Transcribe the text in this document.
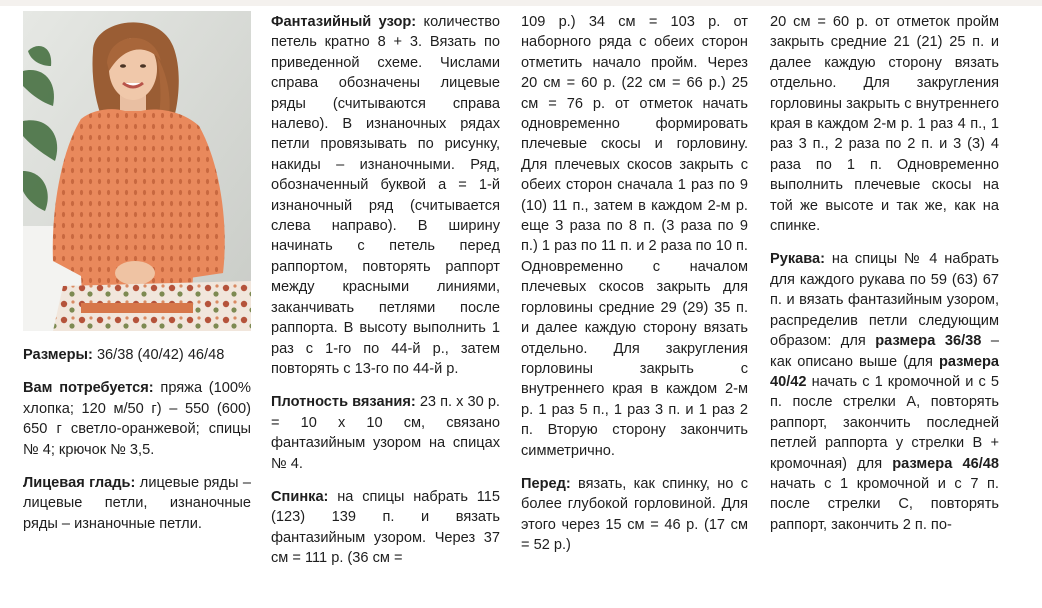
Размеры: 36/38 (40/42) 46/48

Вам потребуется: пряжа (100% хлопка; 120 м/50 г) – 550 (600) 650 г светло-оранжевой; спицы № 4; крючок № 3,5.

Лицевая гладь: лицевые ряды – лицевые петли, изнаночные ряды – изнаночные петли.

Фантазийный узор: количество петель кратно 8 + 3. Вязать по приведенной схеме. Числами справа обозначены лицевые ряды (считываются справа налево). В изнаночных рядах петли провязывать по рисунку, накиды – изнаночными. Ряд, обозначенный буквой а = 1-й изнаночный ряд (считывается слева направо). В ширину начинать с петель перед раппортом, повторять раппорт между красными линиями, заканчивать петлями после раппорта. В высоту выполнить 1 раз с 1-го по 44-й р., затем повторять с 13-го по 44-й р.

Плотность вязания: 23 п. х 30 р. = 10 х 10 см, связано фантазийным узором на спицах № 4.

Спинка: на спицы набрать 115 (123) 139 п. и вязать фантазийным узором. Через 37 см = 111 р. (36 см =

109 р.) 34 см = 103 р. от наборного ряда с обеих сторон отметить начало пройм. Через 20 см = 60 р. (22 см = 66 р.) 25 см = 76 р. от отметок начать одновременно формировать плечевые скосы и горловину. Для плечевых скосов закрыть с обеих сторон сначала 1 раз по 9 (10) 11 п., затем в каждом 2-м р. еще 3 раза по 8 п. (3 раза по 9 п.) 1 раз по 11 п. и 2 раза по 10 п. Одновременно с началом плечевых скосов закрыть для горловины средние 29 (29) 35 п. и далее каждую сторону вязать отдельно. Для закругления горловины закрыть с внутреннего края в каждом 2-м р. 1 раз 5 п., 1 раз 3 п. и 1 раз 2 п. Вторую сторону закончить симметрично.

Перед: вязать, как спинку, но с более глубокой горловиной. Для этого через 15 см = 46 р. (17 см = 52 р.)

20 см = 60 р. от отметок пройм закрыть средние 21 (21) 25 п. и далее каждую сторону вязать отдельно. Для закругления горловины закрыть с внутреннего края в каждом 2-м р. 1 раз 4 п., 1 раз 3 п., 2 раза по 2 п. и 3 (3) 4 раза по 1 п. Одновременно выполнить плечевые скосы на той же высоте и так же, как на спинке.

Рукава: на спицы № 4 набрать для каждого рукава по 59 (63) 67 п. и вязать фантазийным узором, распределив петли следующим образом: для размера 36/38 – как описано выше (для размера 40/42 начать с 1 кромочной и с 5 п. после стрелки А, повторять раппорт, закончить последней петлей раппорта у стрелки В + кромочная) для размера 46/48 начать с 1 кромочной и с 7 п. после стрелки С, повторять раппорт, закончить 2 п. по-
